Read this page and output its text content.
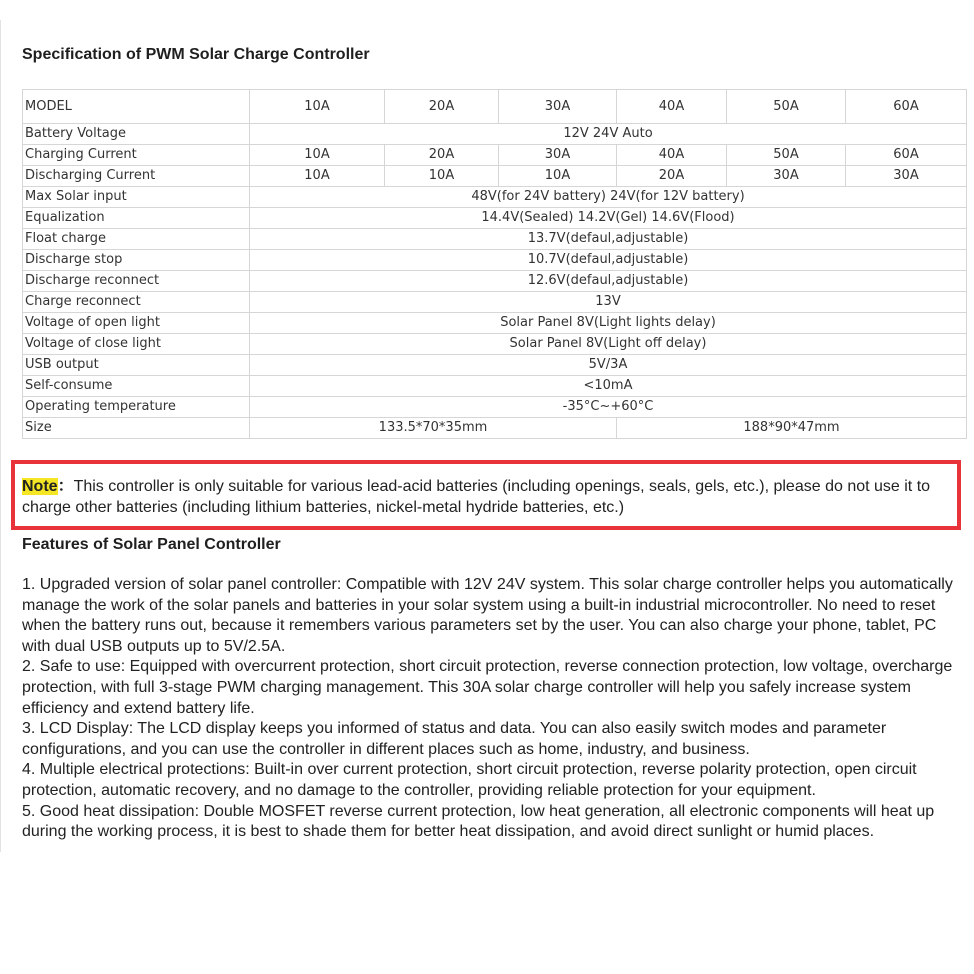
Specification of PWM Solar Charge Controller
MODEL	10A	20A	30A	40A	50A	60A
Battery Voltage	12V 24V Auto					
Charging Current	10A	20A	30A	40A	50A	60A
Discharging Current	10A	10A	10A	20A	30A	30A
Max Solar input	48V(for 24V battery) 24V(for 12V battery)					
Equalization	14.4V(Sealed) 14.2V(Gel) 14.6V(Flood)					
Float charge	13.7V(defaul,adjustable)					
Discharge stop	10.7V(defaul,adjustable)					
Discharge reconnect	12.6V(defaul,adjustable)					
Charge reconnect	13V					
Voltage of open light	Solar Panel 8V(Light lights delay)					
Voltage of close light	Solar Panel 8V(Light off delay)					
USB output	5V/3A					
Self-consume	<10mA					
Operating temperature	-35°C~+60°C					
Size	133.5*70*35mm			188*90*47mm		

Note：This controller is only suitable for various lead-acid batteries (including openings, seals, gels, etc.), please do not use it to charge other batteries (including lithium batteries, nickel-metal hydride batteries, etc.)

Features of Solar Panel Controller

1. Upgraded version of solar panel controller: Compatible with 12V 24V system. This solar charge controller helps you automatically manage the work of the solar panels and batteries in your solar system using a built-in industrial microcontroller. No need to reset when the battery runs out, because it remembers various parameters set by the user. You can also charge your phone, tablet, PC with dual USB outputs up to 5V/2.5A.

2. Safe to use: Equipped with overcurrent protection, short circuit protection, reverse connection protection, low voltage, overcharge protection, with full 3-stage PWM charging management. This 30A solar charge controller will help you safely increase system efficiency and extend battery life.

3. LCD Display: The LCD display keeps you informed of status and data. You can also easily switch modes and parameter configurations, and you can use the controller in different places such as home, industry, and business.

4. Multiple electrical protections: Built-in over current protection, short circuit protection, reverse polarity protection, open circuit protection, automatic recovery, and no damage to the controller, providing reliable protection for your equipment.

5. Good heat dissipation: Double MOSFET reverse current protection, low heat generation, all electronic components will heat up during the working process, it is best to shade them for better heat dissipation, and avoid direct sunlight or humid places.
